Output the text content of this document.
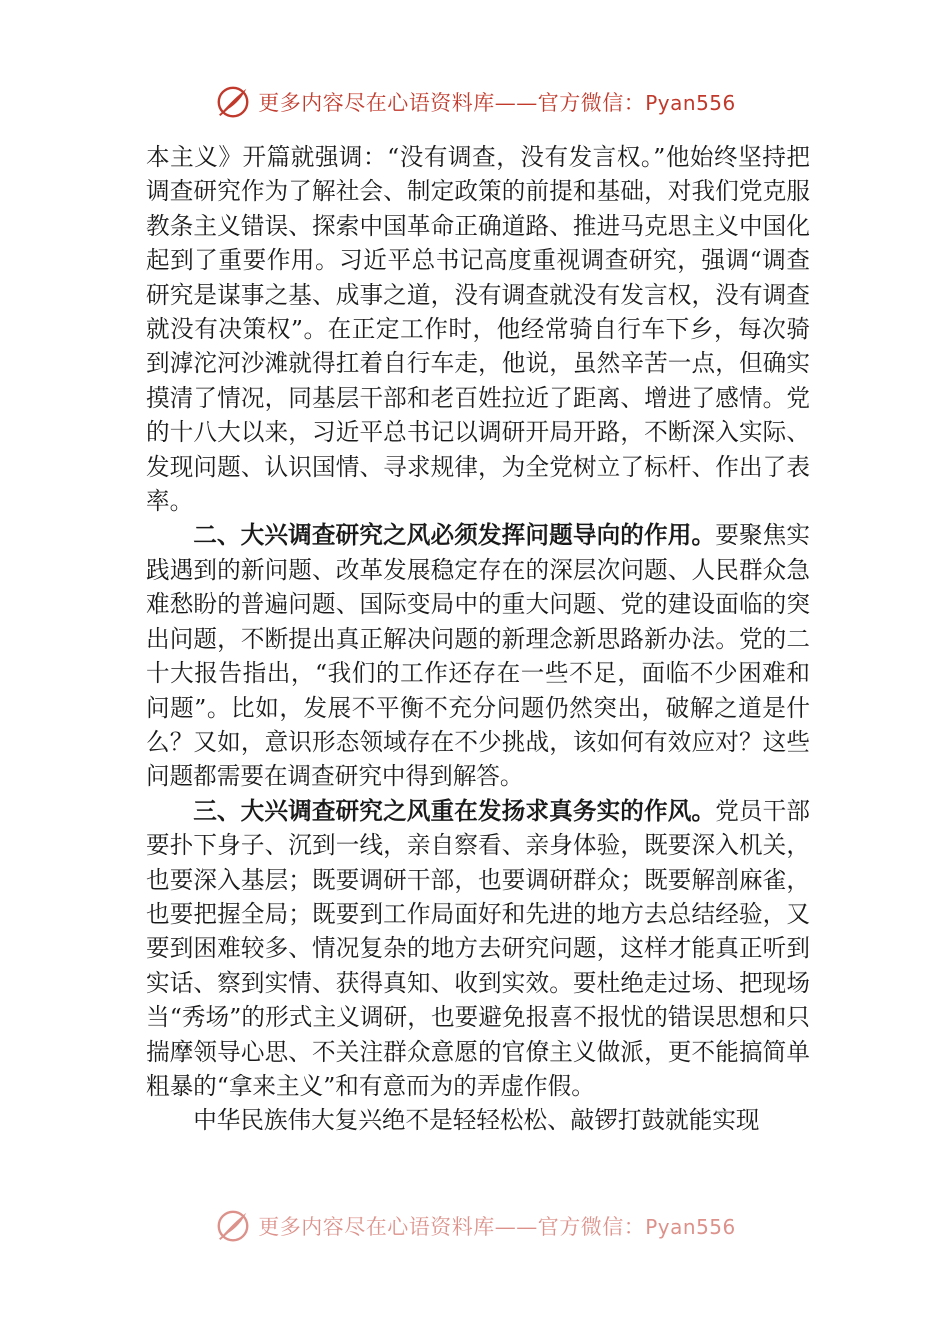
更多内容尽在心语资料库——官方微信：Pyan556

本主义》开篇就强调：“没有调查，没有发言权。”他始终坚持把调查研究作为了解社会、制定政策的前提和基础，对我们党克服教条主义错误、探索中国革命正确道路、推进马克思主义中国化起到了重要作用。习近平总书记高度重视调查研究，强调“调查研究是谋事之基、成事之道，没有调查就没有发言权，没有调查就没有决策权”。在正定工作时，他经常骑自行车下乡，每次骑到滹沱河沙滩就得扛着自行车走，他说，虽然辛苦一点，但确实摸清了情况，同基层干部和老百姓拉近了距离、增进了感情。党的十八大以来，习近平总书记以调研开局开路，不断深入实际、发现问题、认识国情、寻求规律，为全党树立了标杆、作出了表率。

二、大兴调查研究之风必须发挥问题导向的作用。要聚焦实践遇到的新问题、改革发展稳定存在的深层次问题、人民群众急难愁盼的普遍问题、国际变局中的重大问题、党的建设面临的突出问题，不断提出真正解决问题的新理念新思路新办法。党的二十大报告指出，“我们的工作还存在一些不足，面临不少困难和问题”。比如，发展不平衡不充分问题仍然突出，破解之道是什么？又如，意识形态领域存在不少挑战，该如何有效应对？这些问题都需要在调查研究中得到解答。

三、大兴调查研究之风重在发扬求真务实的作风。党员干部要扑下身子、沉到一线，亲自察看、亲身体验，既要深入机关，也要深入基层；既要调研干部，也要调研群众；既要解剖麻雀，也要把握全局；既要到工作局面好和先进的地方去总结经验，又要到困难较多、情况复杂的地方去研究问题，这样才能真正听到实话、察到实情、获得真知、收到实效。要杜绝走过场、把现场当“秀场”的形式主义调研，也要避免报喜不报忧的错误思想和只揣摩领导心思、不关注群众意愿的官僚主义做派，更不能搞简单粗暴的“拿来主义”和有意而为的弄虚作假。

中华民族伟大复兴绝不是轻轻松松、敲锣打鼓就能实现

更多内容尽在心语资料库——官方微信：Pyan556
